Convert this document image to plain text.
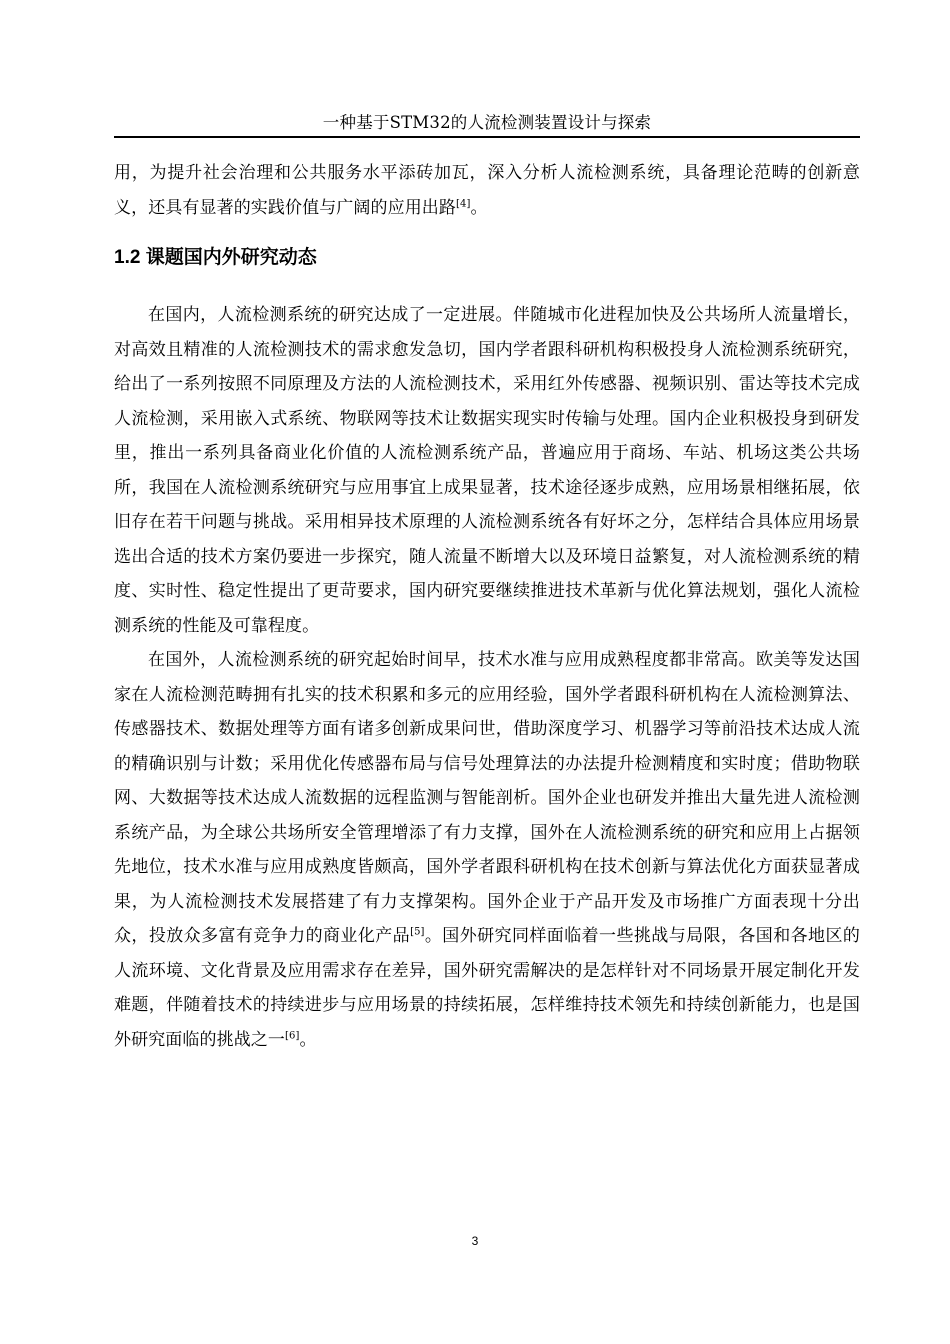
一种基于STM32的人流检测装置设计与探索

用，为提升社会治理和公共服务水平添砖加瓦，深入分析人流检测系统，具备理论范畴的创新意义，还具有显著的实践价值与广阔的应用出路[4]。

1.2 课题国内外研究动态

在国内，人流检测系统的研究达成了一定进展。伴随城市化进程加快及公共场所人流量增长，对高效且精准的人流检测技术的需求愈发急切，国内学者跟科研机构积极投身人流检测系统研究，给出了一系列按照不同原理及方法的人流检测技术，采用红外传感器、视频识别、雷达等技术完成人流检测，采用嵌入式系统、物联网等技术让数据实现实时传输与处理。国内企业积极投身到研发里，推出一系列具备商业化价值的人流检测系统产品，普遍应用于商场、车站、机场这类公共场所，我国在人流检测系统研究与应用事宜上成果显著，技术途径逐步成熟，应用场景相继拓展，依旧存在若干问题与挑战。采用相异技术原理的人流检测系统各有好坏之分，怎样结合具体应用场景选出合适的技术方案仍要进一步探究，随人流量不断增大以及环境日益繁复，对人流检测系统的精度、实时性、稳定性提出了更苛要求，国内研究要继续推进技术革新与优化算法规划，强化人流检测系统的性能及可靠程度。

在国外，人流检测系统的研究起始时间早，技术水准与应用成熟程度都非常高。欧美等发达国家在人流检测范畴拥有扎实的技术积累和多元的应用经验，国外学者跟科研机构在人流检测算法、传感器技术、数据处理等方面有诸多创新成果问世，借助深度学习、机器学习等前沿技术达成人流的精确识别与计数；采用优化传感器布局与信号处理算法的办法提升检测精度和实时度；借助物联网、大数据等技术达成人流数据的远程监测与智能剖析。国外企业也研发并推出大量先进人流检测系统产品，为全球公共场所安全管理增添了有力支撑，国外在人流检测系统的研究和应用上占据领先地位，技术水准与应用成熟度皆颇高，国外学者跟科研机构在技术创新与算法优化方面获显著成果，为人流检测技术发展搭建了有力支撑架构。国外企业于产品开发及市场推广方面表现十分出众，投放众多富有竞争力的商业化产品[5]。国外研究同样面临着一些挑战与局限，各国和各地区的人流环境、文化背景及应用需求存在差异，国外研究需解决的是怎样针对不同场景开展定制化开发难题，伴随着技术的持续进步与应用场景的持续拓展，怎样维持技术领先和持续创新能力，也是国外研究面临的挑战之一[6]。

3
